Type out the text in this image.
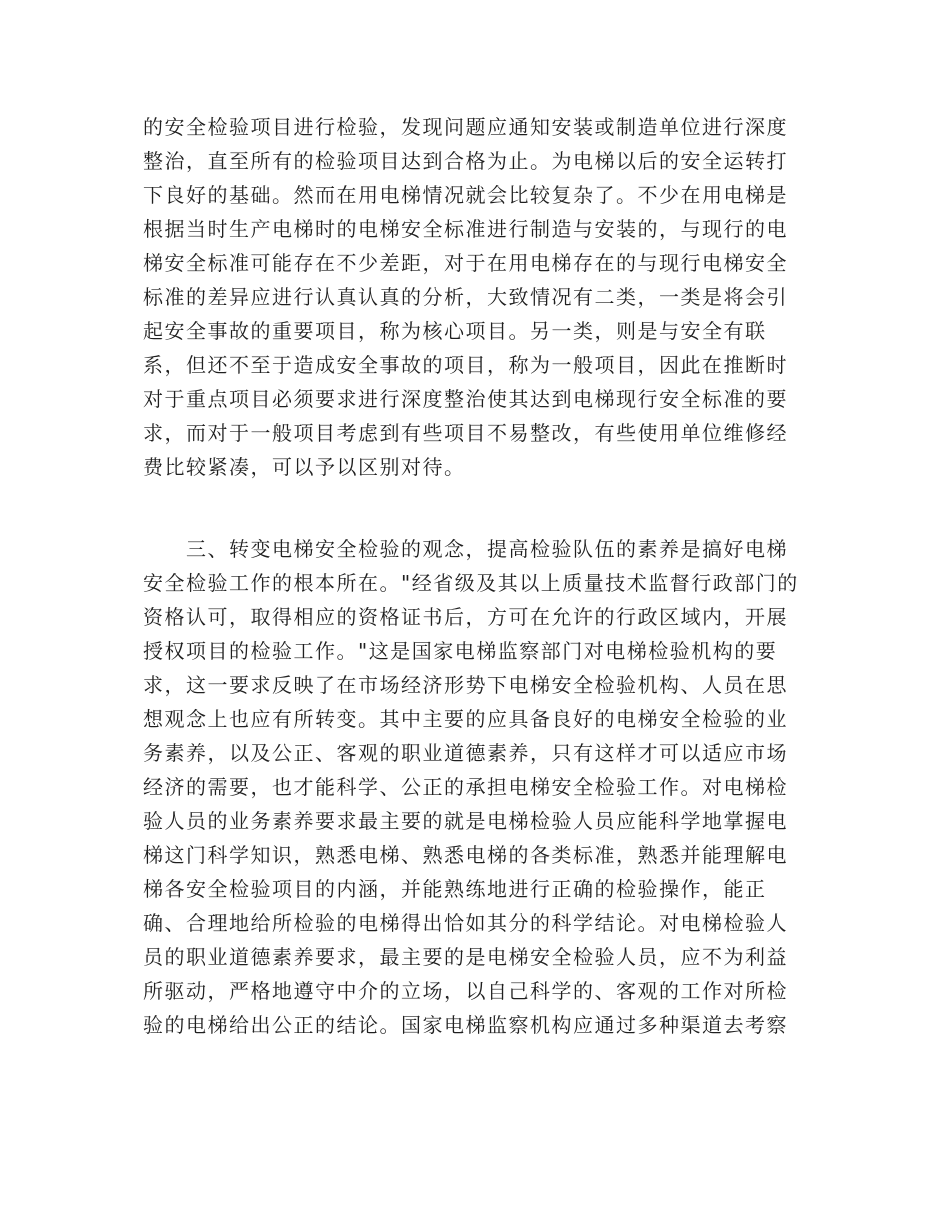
的安全检验项目进行检验，发现问题应通知安装或制造单位进行深度
整治，直至所有的检验项目达到合格为止。为电梯以后的安全运转打
下良好的基础。然而在用电梯情况就会比较复杂了。不少在用电梯是
根据当时生产电梯时的电梯安全标准进行制造与安装的，与现行的电
梯安全标准可能存在不少差距，对于在用电梯存在的与现行电梯安全
标准的差异应进行认真认真的分析，大致情况有二类，一类是将会引
起安全事故的重要项目，称为核心项目。另一类，则是与安全有联
系，但还不至于造成安全事故的项目，称为一般项目，因此在推断时
对于重点项目必须要求进行深度整治使其达到电梯现行安全标准的要
求，而对于一般项目考虑到有些项目不易整改，有些使用单位维修经
费比较紧凑，可以予以区别对待。
三、转变电梯安全检验的观念，提高检验队伍的素养是搞好电梯
安全检验工作的根本所在。"经省级及其以上质量技术监督行政部门的
资格认可，取得相应的资格证书后，方可在允许的行政区域内，开展
授权项目的检验工作。"这是国家电梯监察部门对电梯检验机构的要
求，这一要求反映了在市场经济形势下电梯安全检验机构、人员在思
想观念上也应有所转变。其中主要的应具备良好的电梯安全检验的业
务素养，以及公正、客观的职业道德素养，只有这样才可以适应市场
经济的需要，也才能科学、公正的承担电梯安全检验工作。对电梯检
验人员的业务素养要求最主要的就是电梯检验人员应能科学地掌握电
梯这门科学知识，熟悉电梯、熟悉电梯的各类标准，熟悉并能理解电
梯各安全检验项目的内涵，并能熟练地进行正确的检验操作，能正
确、合理地给所检验的电梯得出恰如其分的科学结论。对电梯检验人
员的职业道德素养要求，最主要的是电梯安全检验人员，应不为利益
所驱动，严格地遵守中介的立场，以自己科学的、客观的工作对所检
验的电梯给出公正的结论。国家电梯监察机构应通过多种渠道去考察
